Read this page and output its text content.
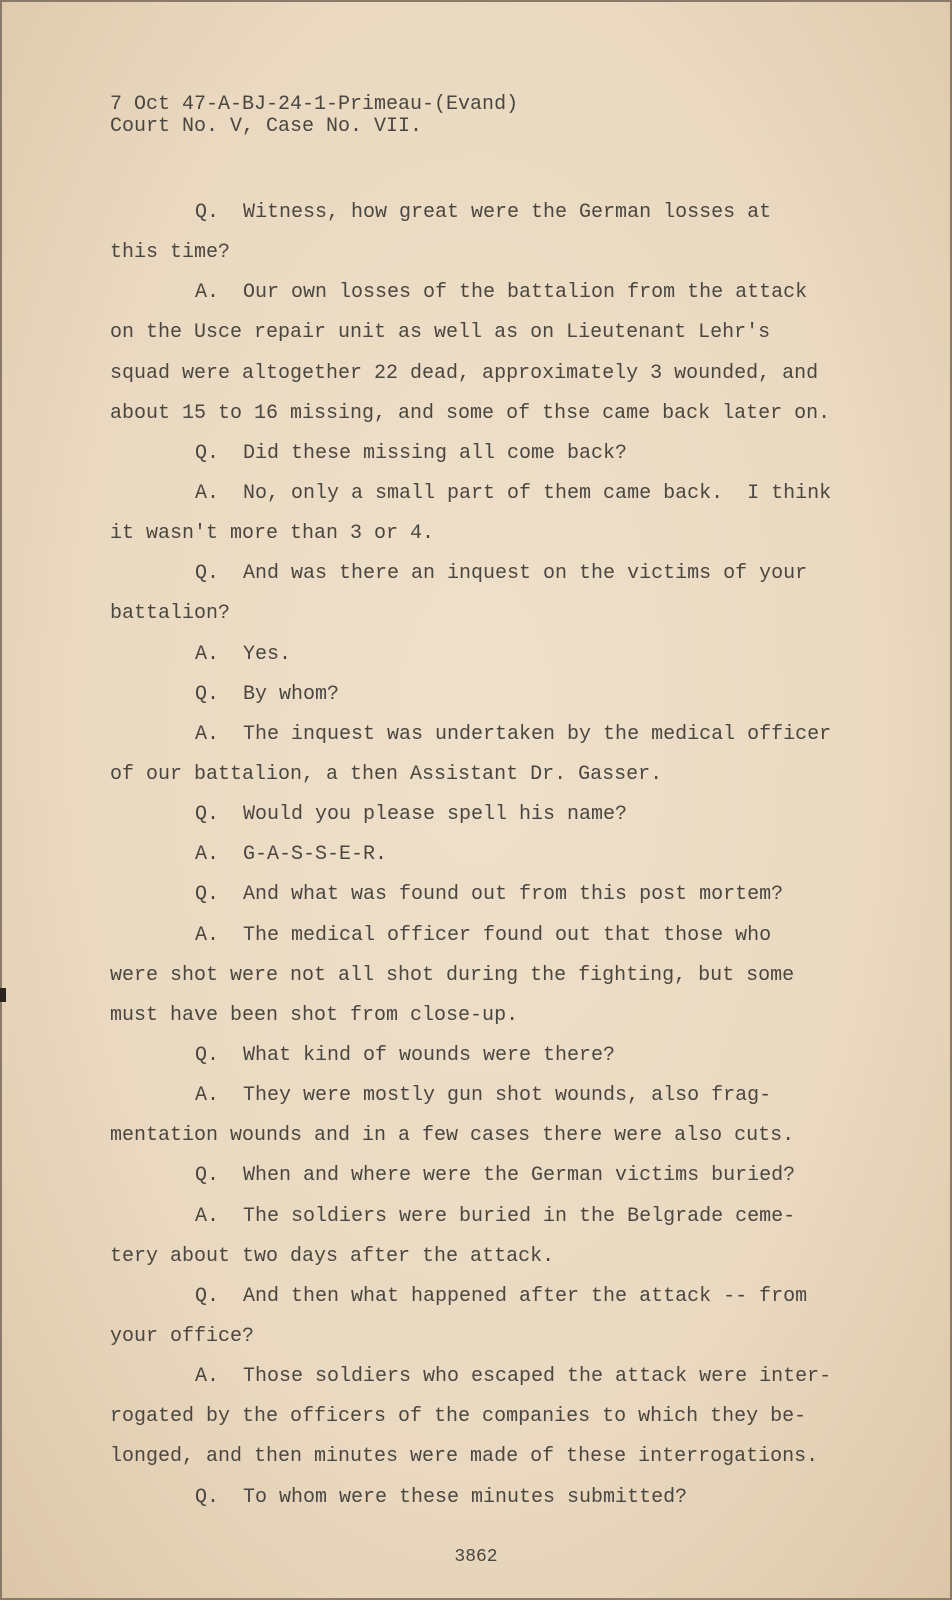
7 Oct 47-A-BJ-24-1-Primeau-(Evand)
Court No. V, Case No. VII.
Q. Witness, how great were the German losses at
this time?
A. Our own losses of the battalion from the attack
on the Usce repair unit as well as on Lieutenant Lehr's
squad were altogether 22 dead, approximately 3 wounded, and
about 15 to 16 missing, and some of thse came back later on.
Q. Did these missing all come back?
A. No, only a small part of them came back.  I think
it wasn't more than 3 or 4.
Q. And was there an inquest on the victims of your
battalion?
A. Yes.
Q. By whom?
A. The inquest was undertaken by the medical officer
of our battalion, a then Assistant Dr. Gasser.
Q. Would you please spell his name?
A. G-A-S-S-E-R.
Q. And what was found out from this post mortem?
A. The medical officer found out that those who
were shot were not all shot during the fighting, but some
must have been shot from close-up.
Q. What kind of wounds were there?
A. They were mostly gun shot wounds, also frag-
mentation wounds and in a few cases there were also cuts.
Q. When and where were the German victims buried?
A. The soldiers were buried in the Belgrade ceme-
tery about two days after the attack.
Q. And then what happened after the attack -- from
your office?
A. Those soldiers who escaped the attack were inter-
rogated by the officers of the companies to which they be-
longed, and then minutes were made of these interrogations.
Q. To whom were these minutes submitted?
3862
